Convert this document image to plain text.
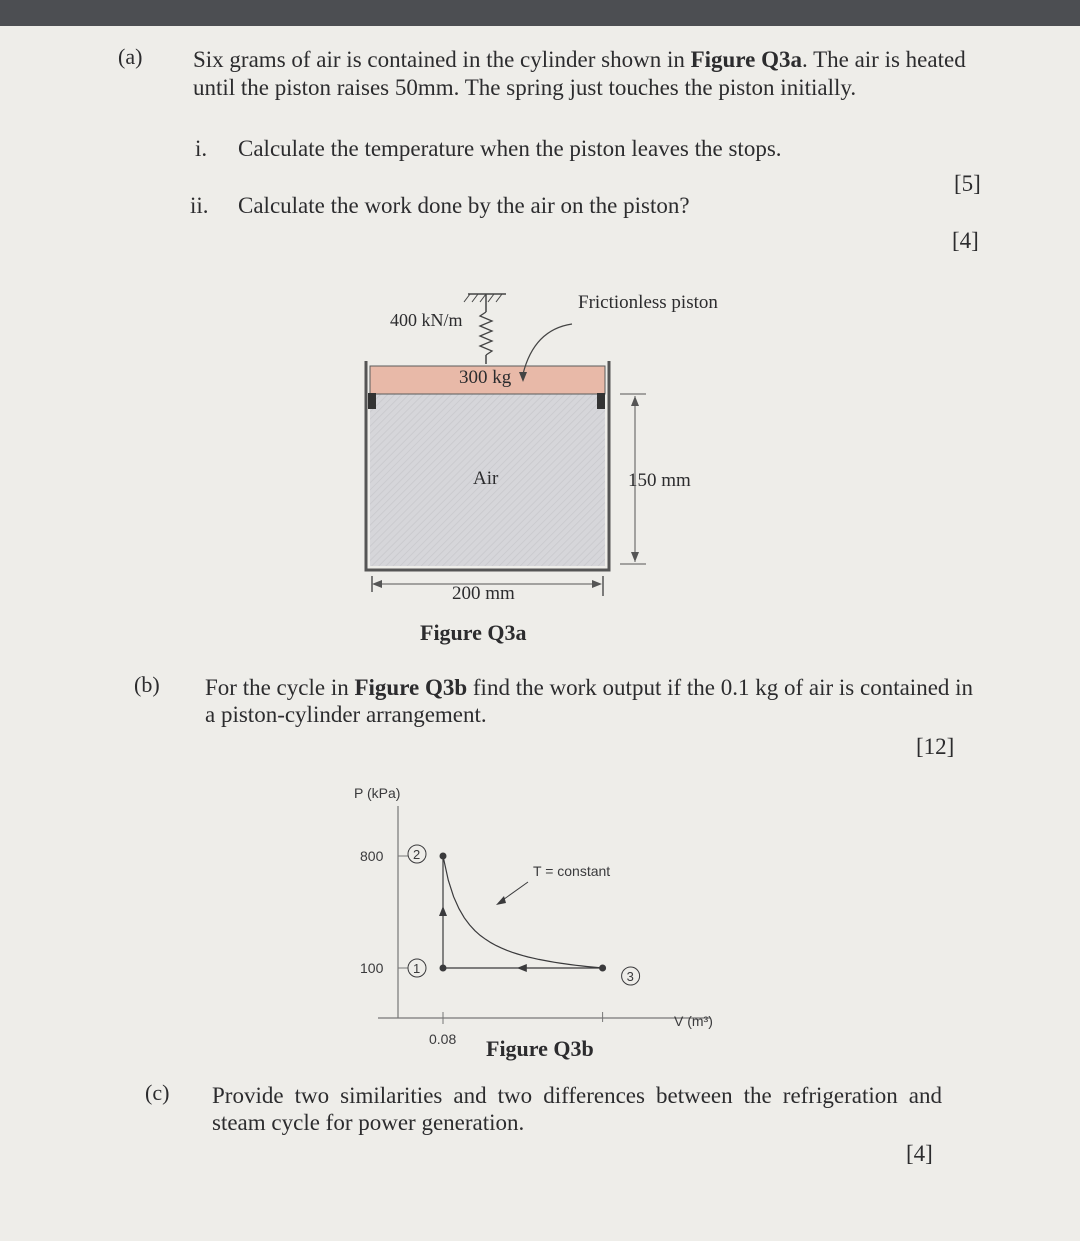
(a) Six grams of air is contained in the cylinder shown in Figure Q3a. The air is heated until the piston raises 50mm. The spring just touches the piston initially.
i. Calculate the temperature when the piston leaves the stops.
[5]
ii. Calculate the work done by the air on the piston?
[4]
400 kN/m
Frictionless piston
300 kg
Air	150 mm
200 mm
Figure Q3a
(b) For the cycle in Figure Q3b find the work output if the 0.1 kg of air is contained in a piston-cylinder arrangement.
[12]
P (kPa)
V (m³)
800
100
0.08
1
2
3
T = constant
Figure Q3b
(c) Provide two similarities and two differences between the refrigeration and steam cycle for power generation.
[4]
